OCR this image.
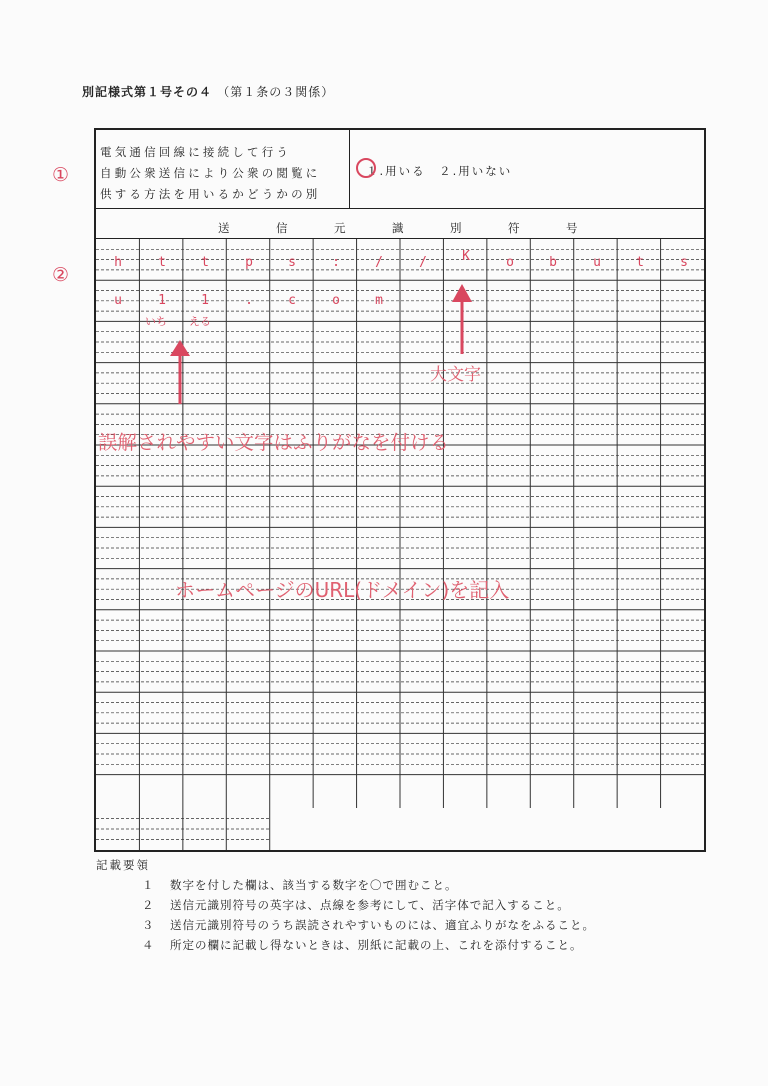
別記様式第１号その４ （第１条の３関係）
電気通信回線に接続して行う
自動公衆送信により公衆の閲覧に
供する方法を用いるかどうかの別
１.用いる　２.用いない
送	信	元	識	別	符	号
①
②
h	t	t	p	s	:	/	/	K	o	b	u	t	s
u	1	1	.	c	o	m
いち える
大文字
誤解されやすい文字はふりがなを付ける
ホームページのURL(ドメイン)を記入
記載要領
１ 数字を付した欄は、該当する数字を〇で囲むこと。
２ 送信元識別符号の英字は、点線を参考にして、活字体で記入すること。
３ 送信元識別符号のうち誤読されやすいものには、適宜ふりがなをふること。
４ 所定の欄に記載し得ないときは、別紙に記載の上、これを添付すること。
